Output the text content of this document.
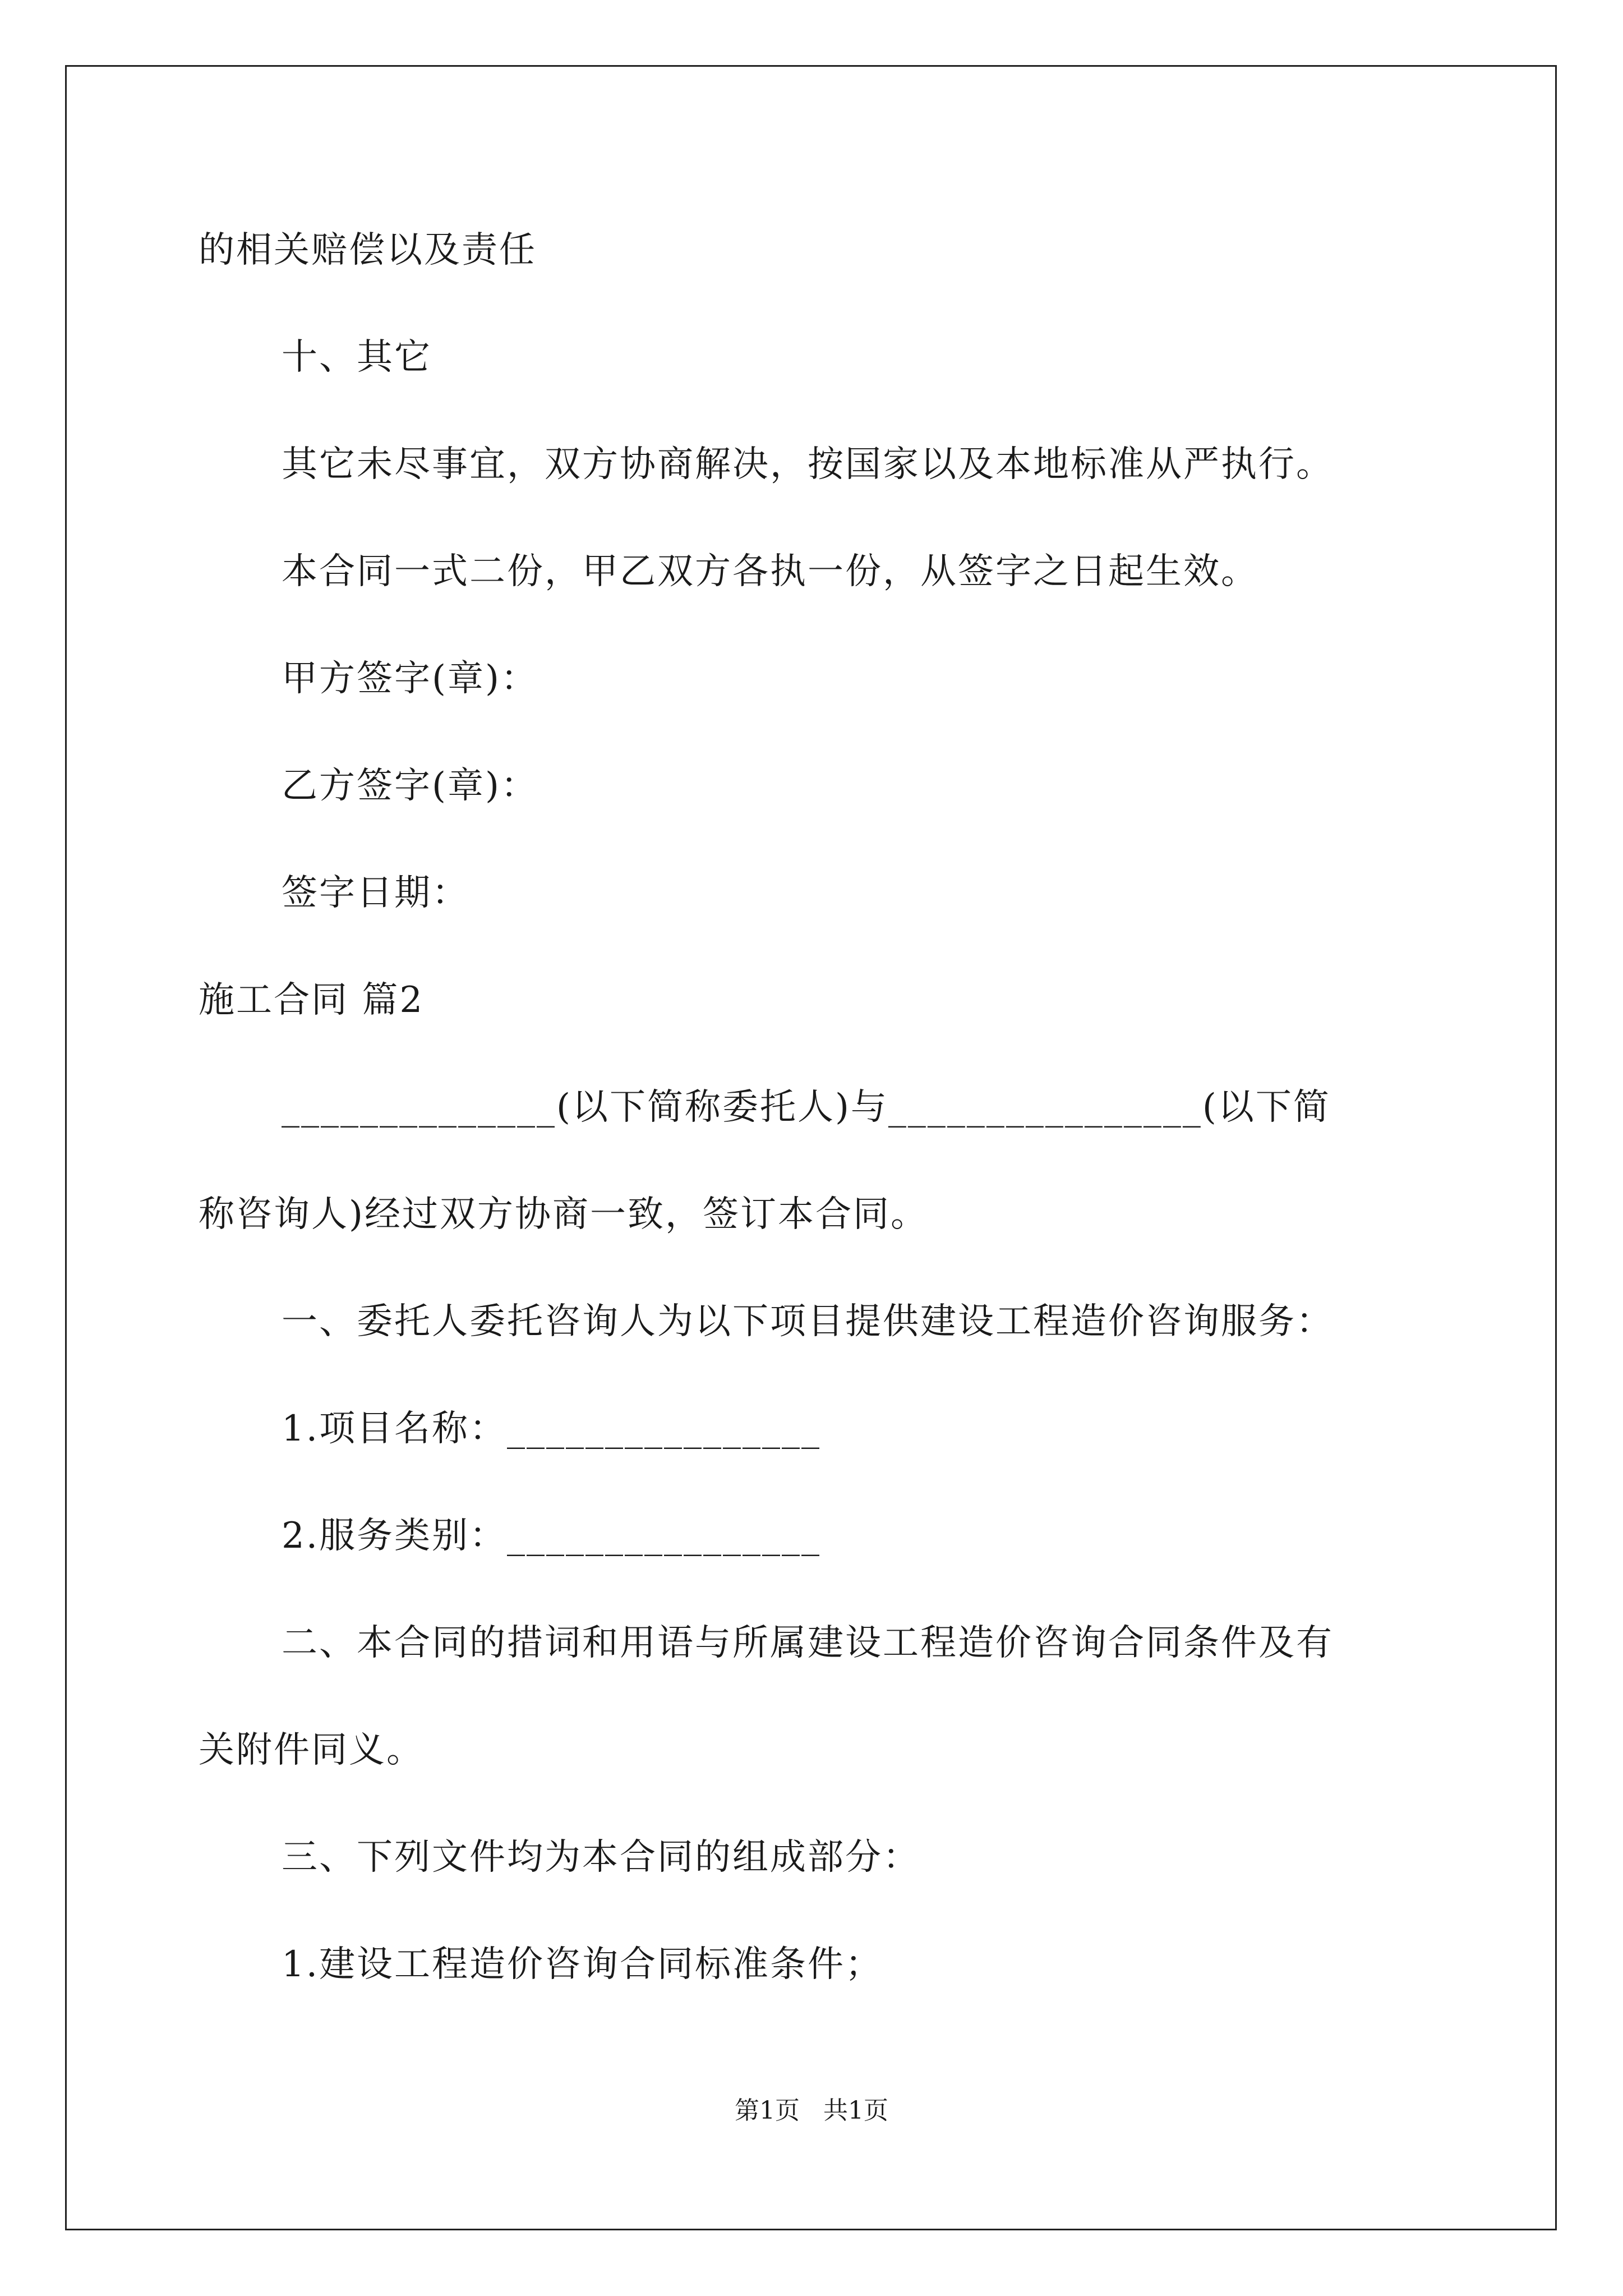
的相关赔偿以及责任
十、其它
其它未尽事宜，双方协商解决，按国家以及本地标准从严执行。
本合同一式二份，甲乙双方各执一份，从签字之日起生效。
甲方签字(章)：
乙方签字(章)：
签字日期：
施工合同 篇2
______________(以下简称委托人)与________________(以下简
称咨询人)经过双方协商一致，签订本合同。
一、委托人委托咨询人为以下项目提供建设工程造价咨询服务：
1.项目名称：________________
2.服务类别：________________
二、本合同的措词和用语与所属建设工程造价咨询合同条件及有
关附件同义。
三、下列文件均为本合同的组成部分：
1.建设工程造价咨询合同标准条件；
第1页   共1页
